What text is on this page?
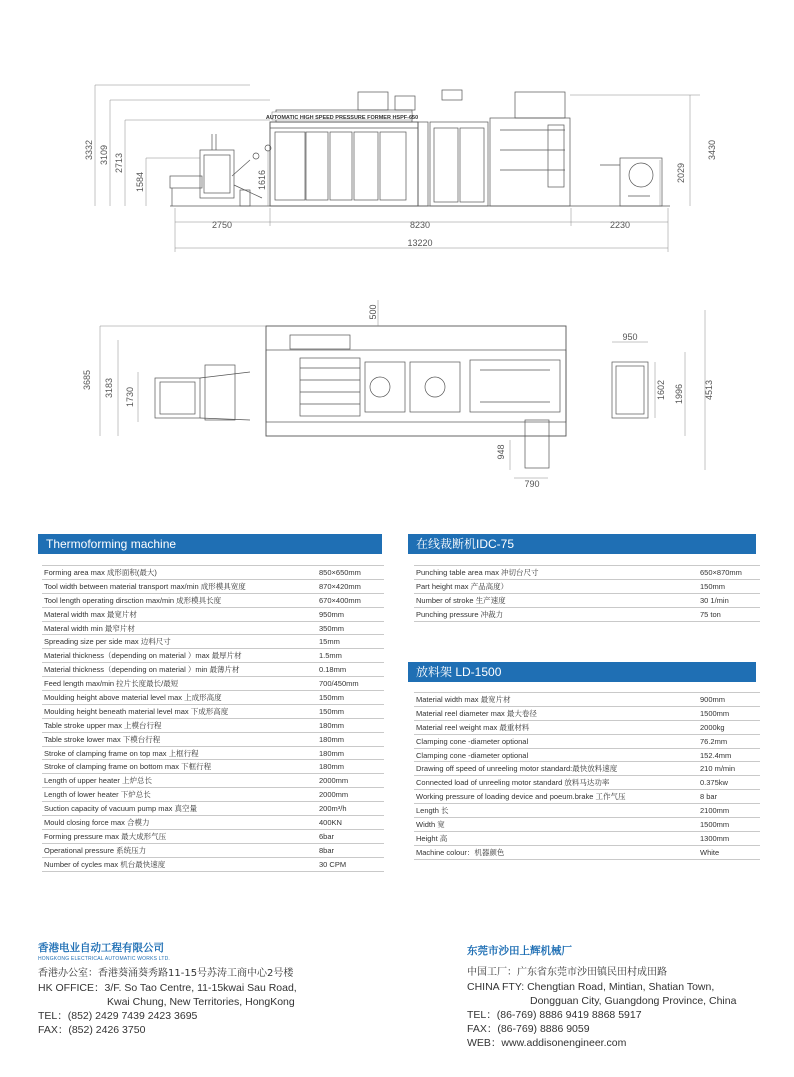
AUTOMATIC HIGH SPEED PRESSURE FORMER HSPF-650
3332 3109 2713
1584	1616	2029
3430
2750	8230	2230
13220
3685 3183 1730
500
948
790
950
1602 1996 4513
Thermoforming machine
Forming area max 成形面积(最大)	850×650mm
Tool width between material transport max/min 成形模具宽度	870×420mm
Tool length operating dirsction max/min 成形模具长度	670×400mm
Materal width max 最宽片材	950mm
Materal width min 最窄片材	350mm
Spreading size per side max 边料尺寸	15mm
Material thickness（depending on material ）max 最厚片材	1.5mm
Material thickness（depending on material ）min 最薄片材	0.18mm
Feed length max/min 拉片长度最长/最短	700/450mm
Moulding height above material level max 上成形高度	150mm
Moulding height beneath material level max 下成形高度	150mm
Table stroke upper max 上模台行程	180mm
Table stroke lower max 下模台行程	180mm
Stroke of clamping frame on top max 上框行程	180mm
Stroke of clamping frame on bottom max 下框行程	180mm
Length of upper heater 上炉总长	2000mm
Length of lower heater 下炉总长	2000mm
Suction capacity of vacuum pump max 真空量	200m³/h
Mould closing force max 合模力	400KN
Forming pressure max 最大成形气压	6bar
Operational pressure 系统压力	8bar
Number of cycles max 机台最快速度	30 CPM
在线裁断机IDC-75
Punching table area max 冲切台尺寸	650×870mm
Part height max 产品高度）	150mm
Number of stroke 生产速度	30 1/min
Punching pressure 冲裁力	75 ton
放料架 LD-1500
Material width max 最宽片材	900mm
Material reel diameter max 最大卷径	1500mm
Material reel weight max 最重材料	2000kg
Clamping cone -diameter optional	76.2mm
Clamping cone -diameter optional	152.4mm
Drawing off speed of unreeling motor standard:最快放料速度	210 m/min
Connected load of unreeling motor standard 放料马达功率	0.375kw
Working pressure of loading device and poeum.brake 工作气压	8 bar
Length 长	2100mm
Width 宽	1500mm
Height 高	1300mm
Machine colour：机器颜色	White
香港电业自动工程有限公司
HONGKONG ELECTRICAL AUTOMATIC WORKS LTD.
香港办公室：香港葵涌葵秀路11-15号苏涛工商中心2号楼
HK OFFICE：3/F. So Tao Centre, 11-15kwai Sau Road,
Kwai Chung, New Territories, HongKong
TEL：(852) 2429 7439 2423 3695
FAX：(852) 2426 3750
东莞市沙田上辉机械厂
中国工厂：广东省东莞市沙田镇民田村成田路
CHINA FTY: Chengtian Road, Mintian, Shatian Town,
Dongguan City, Guangdong Province, China
TEL：(86-769) 8886 9419 8868 5917
FAX：(86-769) 8886 9059
WEB：www.addisonengineer.com
